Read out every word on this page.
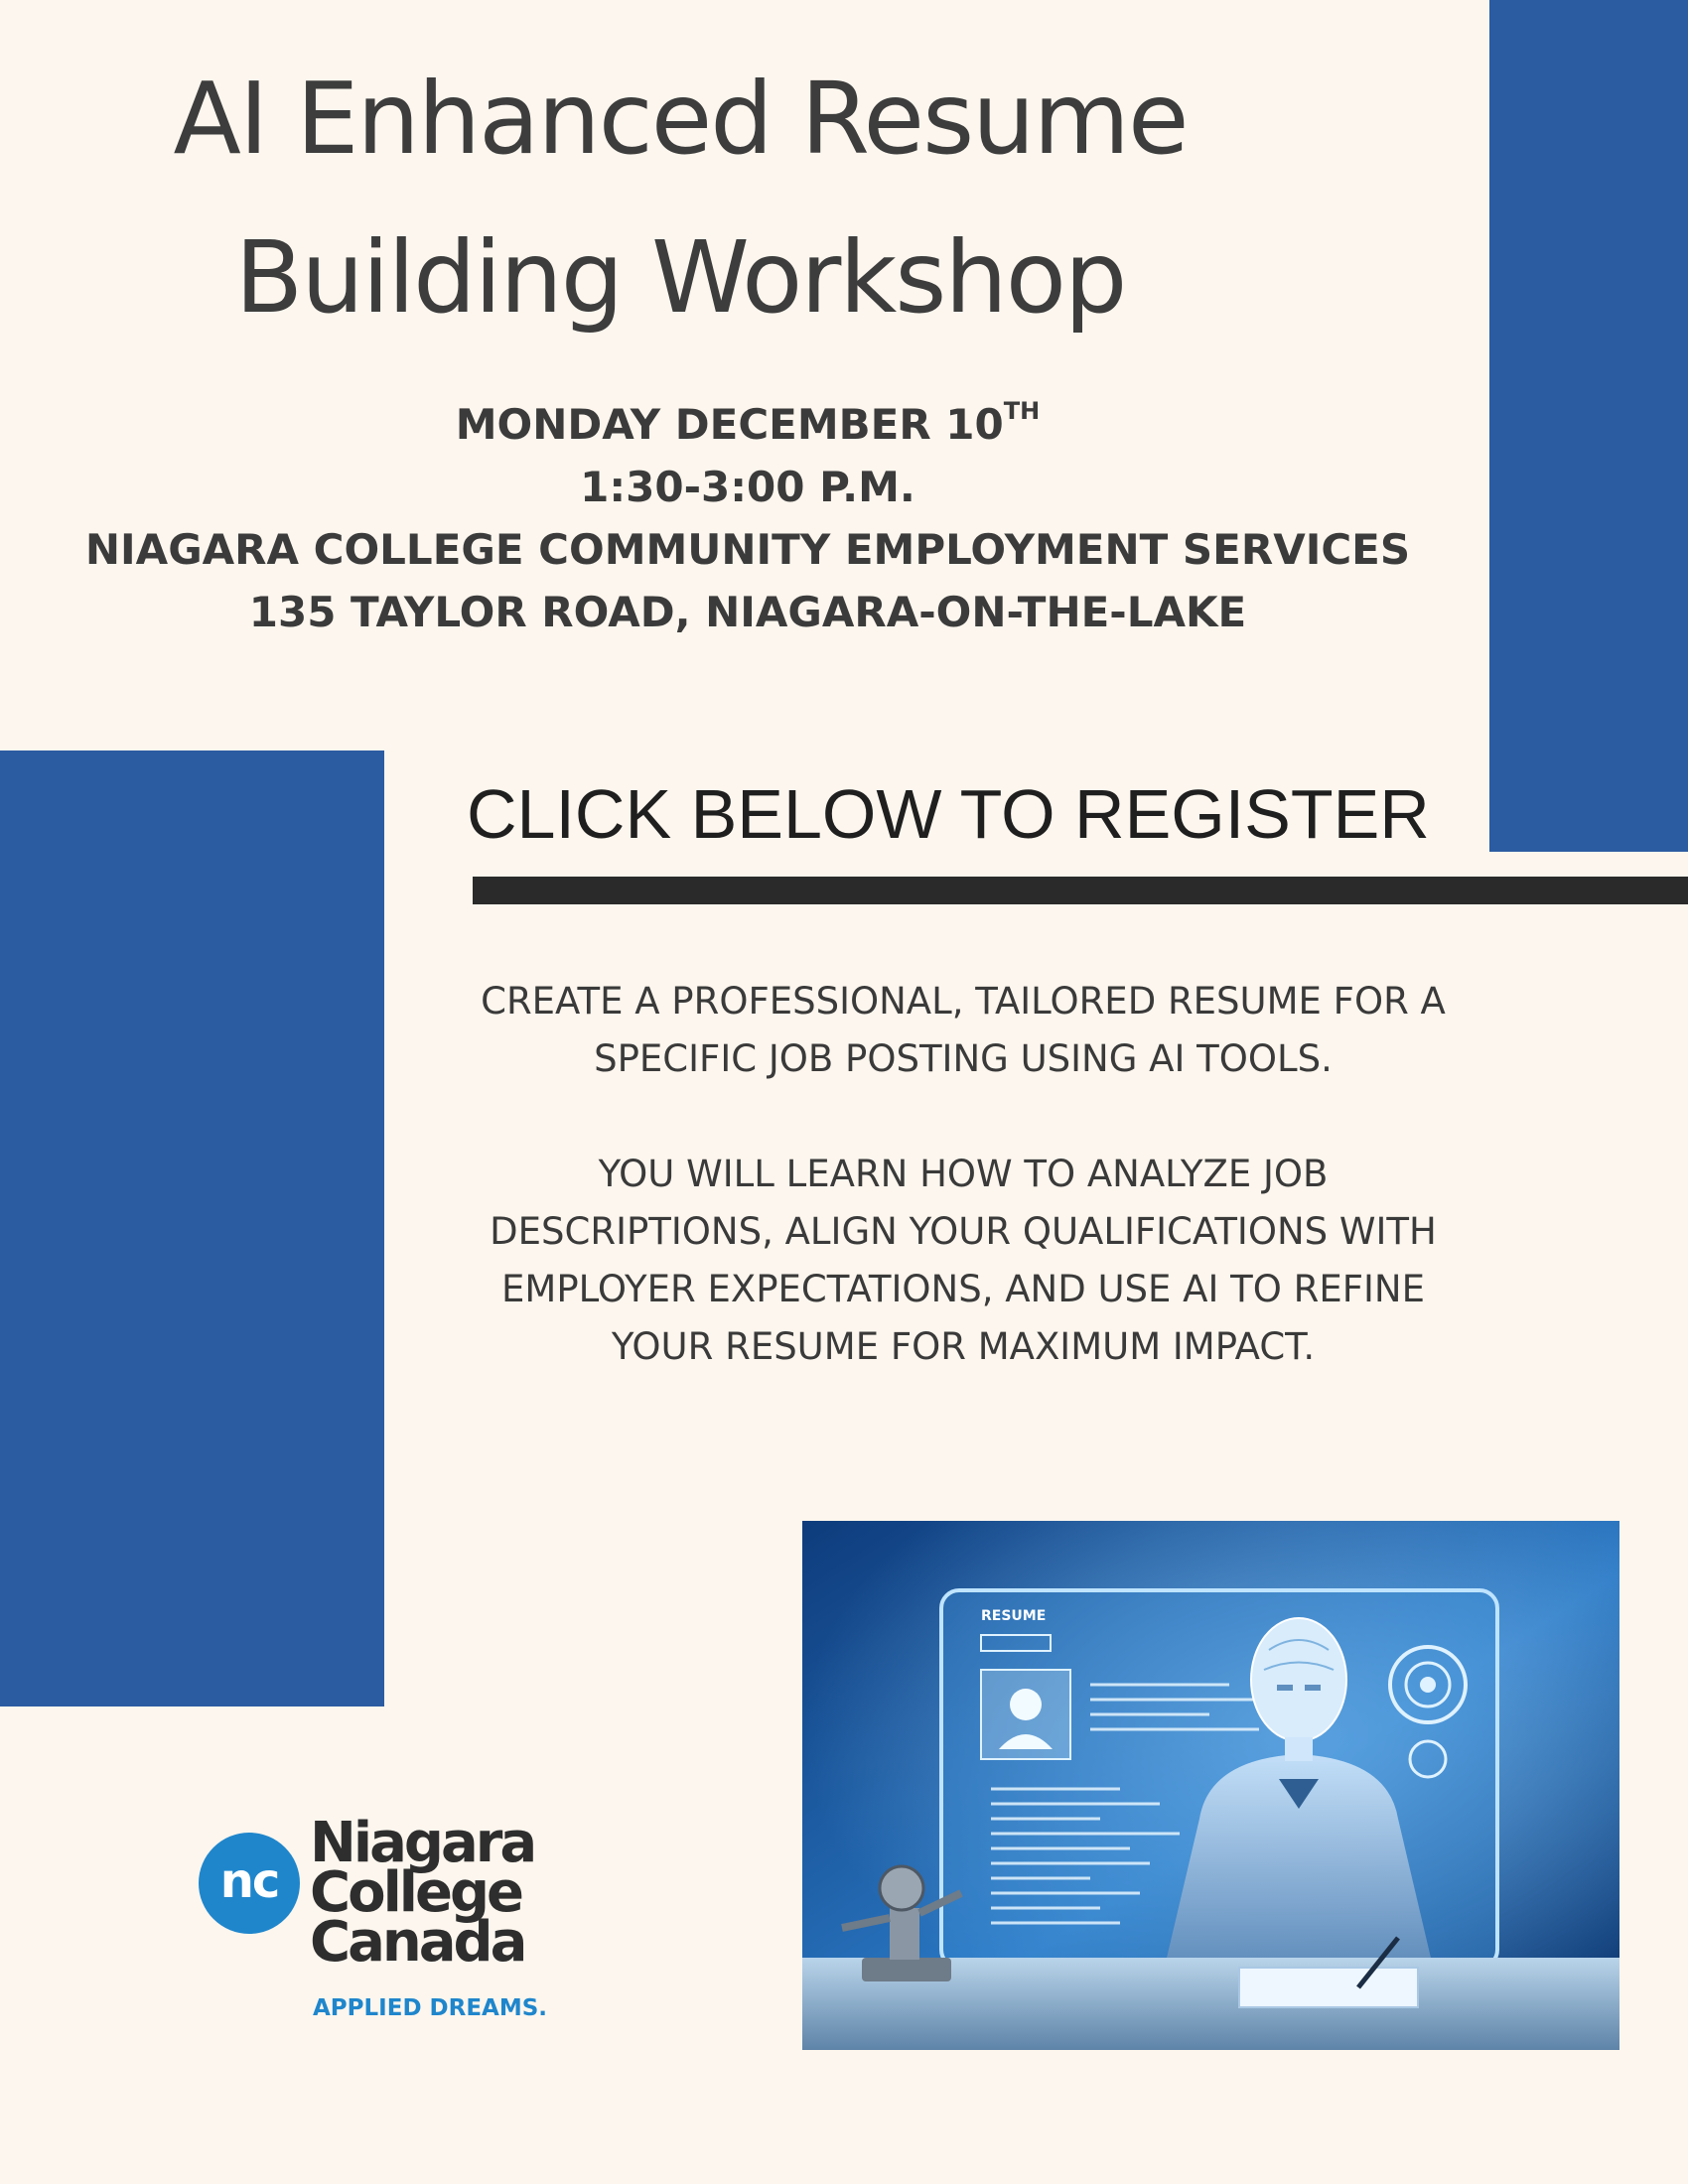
AI Enhanced Resume
Building Workshop
MONDAY DECEMBER 10TH
1:30-3:00 P.M.
NIAGARA COLLEGE COMMUNITY EMPLOYMENT SERVICES
135 TAYLOR ROAD, NIAGARA-ON-THE-LAKE
CLICK BELOW TO REGISTER

CREATE A PROFESSIONAL, TAILORED RESUME FOR A SPECIFIC JOB POSTING USING AI TOOLS.

YOU WILL LEARN HOW TO ANALYZE JOB DESCRIPTIONS, ALIGN YOUR QUALIFICATIONS WITH EMPLOYER EXPECTATIONS, AND USE AI TO REFINE YOUR RESUME FOR MAXIMUM IMPACT.

nc
Niagara
College
Canada
APPLIED DREAMS.
RESUME
